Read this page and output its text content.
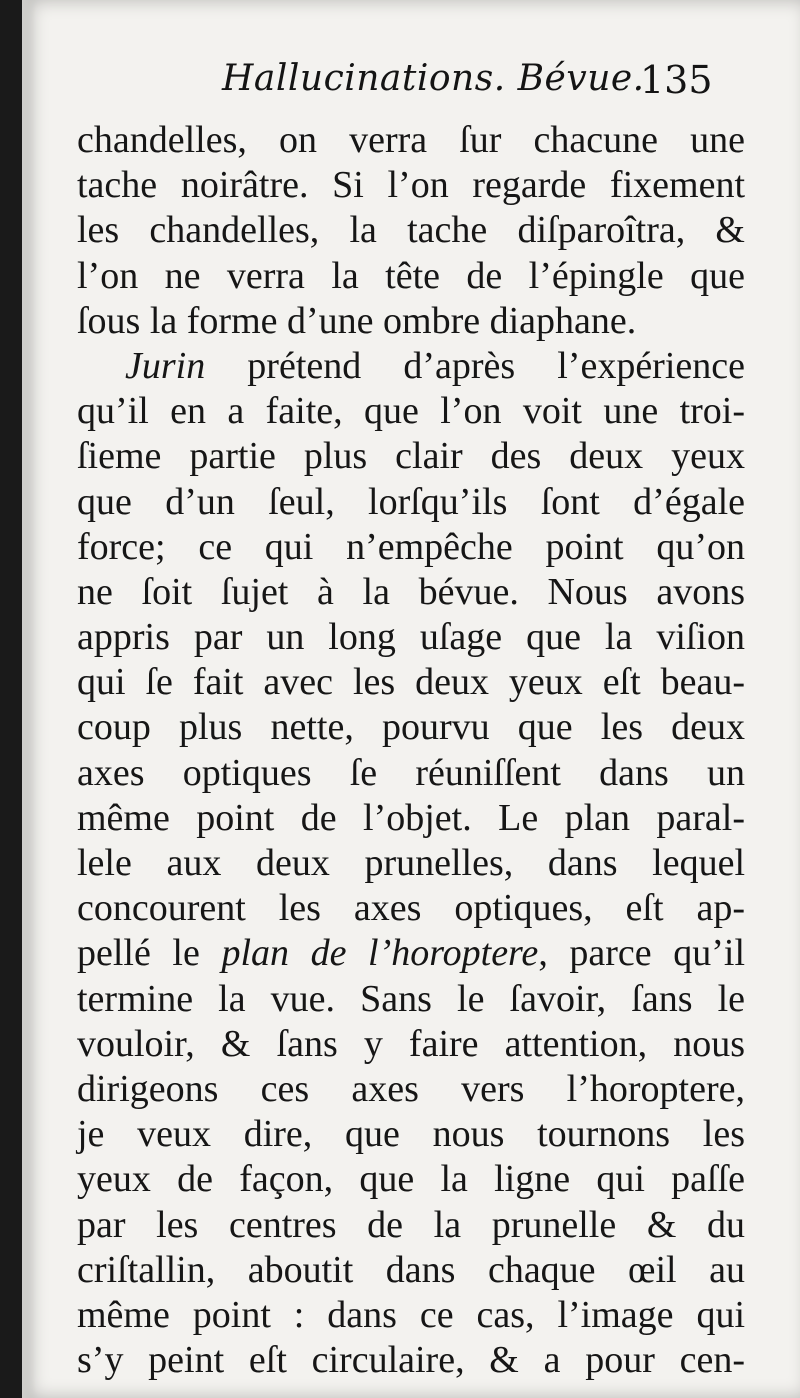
Hallucinations. Bévue.
135
chandelles, on verra ſur chacune une
tache noirâtre. Si l’on regarde fixement
les chandelles, la tache diſparoîtra, &
l’on ne verra la tête de l’épingle que
ſous la forme d’une ombre diaphane.
Jurin prétend d’après l’expérience
qu’il en a faite, que l’on voit une troi-
ſieme partie plus clair des deux yeux
que d’un ſeul, lorſqu’ils ſont d’égale
force; ce qui n’empêche point qu’on
ne ſoit ſujet à la bévue. Nous avons
appris par un long uſage que la viſion
qui ſe fait avec les deux yeux eſt beau-
coup plus nette, pourvu que les deux
axes optiques ſe réuniſſent dans un
même point de l’objet. Le plan paral-
lele aux deux prunelles, dans lequel
concourent les axes optiques, eſt ap-
pellé le plan de l’horoptere, parce qu’il
termine la vue. Sans le ſavoir, ſans le
vouloir, & ſans y faire attention, nous
dirigeons ces axes vers l’horoptere,
je veux dire, que nous tournons les
yeux de façon, que la ligne qui paſſe
par les centres de la prunelle & du
criſtallin, aboutit dans chaque œil au
même point : dans ce cas, l’image qui
s’y peint eſt circulaire, & a pour cen-
